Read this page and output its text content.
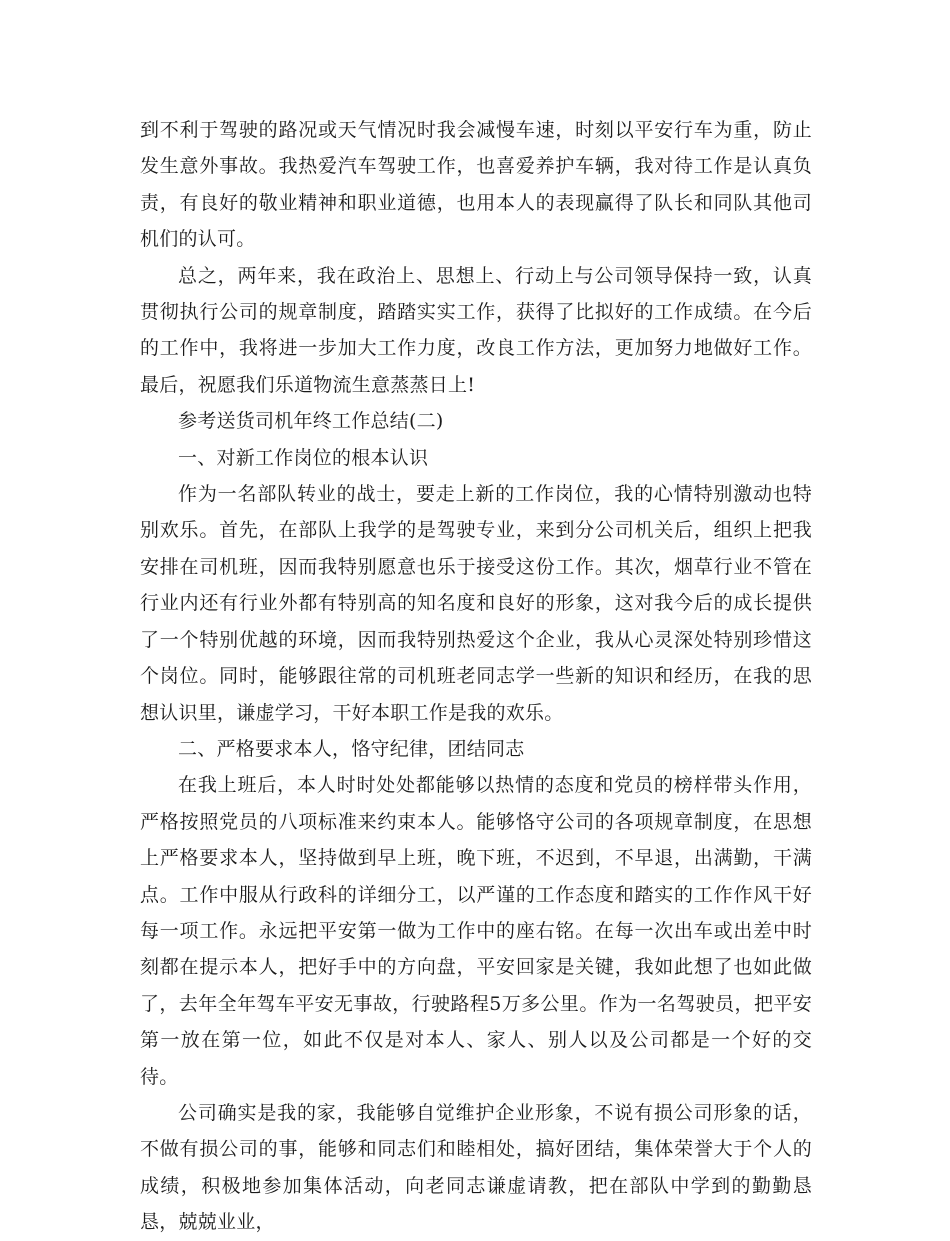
到不利于驾驶的路况或天气情况时我会减慢车速，时刻以平安行车为重，防止发生意外事故。我热爱汽车驾驶工作，也喜爱养护车辆，我对待工作是认真负责，有良好的敬业精神和职业道德，也用本人的表现赢得了队长和同队其他司机们的认可。

总之，两年来，我在政治上、思想上、行动上与公司领导保持一致，认真贯彻执行公司的规章制度，踏踏实实工作，获得了比拟好的工作成绩。在今后的工作中，我将进一步加大工作力度，改良工作方法，更加努力地做好工作。最后，祝愿我们乐道物流生意蒸蒸日上!

参考送货司机年终工作总结(二)

一、对新工作岗位的根本认识

作为一名部队转业的战士，要走上新的工作岗位，我的心情特别激动也特别欢乐。首先，在部队上我学的是驾驶专业，来到分公司机关后，组织上把我安排在司机班，因而我特别愿意也乐于接受这份工作。其次，烟草行业不管在行业内还有行业外都有特别高的知名度和良好的形象，这对我今后的成长提供了一个特别优越的环境，因而我特别热爱这个企业，我从心灵深处特别珍惜这个岗位。同时，能够跟往常的司机班老同志学一些新的知识和经历，在我的思想认识里，谦虚学习，干好本职工作是我的欢乐。

二、严格要求本人，恪守纪律，团结同志

在我上班后，本人时时处处都能够以热情的态度和党员的榜样带头作用，严格按照党员的八项标准来约束本人。能够恪守公司的各项规章制度，在思想上严格要求本人，坚持做到早上班，晚下班，不迟到，不早退，出满勤，干满点。工作中服从行政科的详细分工，以严谨的工作态度和踏实的工作作风干好每一项工作。永远把平安第一做为工作中的座右铭。在每一次出车或出差中时刻都在提示本人，把好手中的方向盘，平安回家是关键，我如此想了也如此做了，去年全年驾车平安无事故，行驶路程5万多公里。作为一名驾驶员，把平安第一放在第一位，如此不仅是对本人、家人、别人以及公司都是一个好的交待。

公司确实是我的家，我能够自觉维护企业形象，不说有损公司形象的话，不做有损公司的事，能够和同志们和睦相处，搞好团结，集体荣誉大于个人的成绩，积极地参加集体活动，向老同志谦虚请教，把在部队中学到的勤勤恳恳，兢兢业业，
